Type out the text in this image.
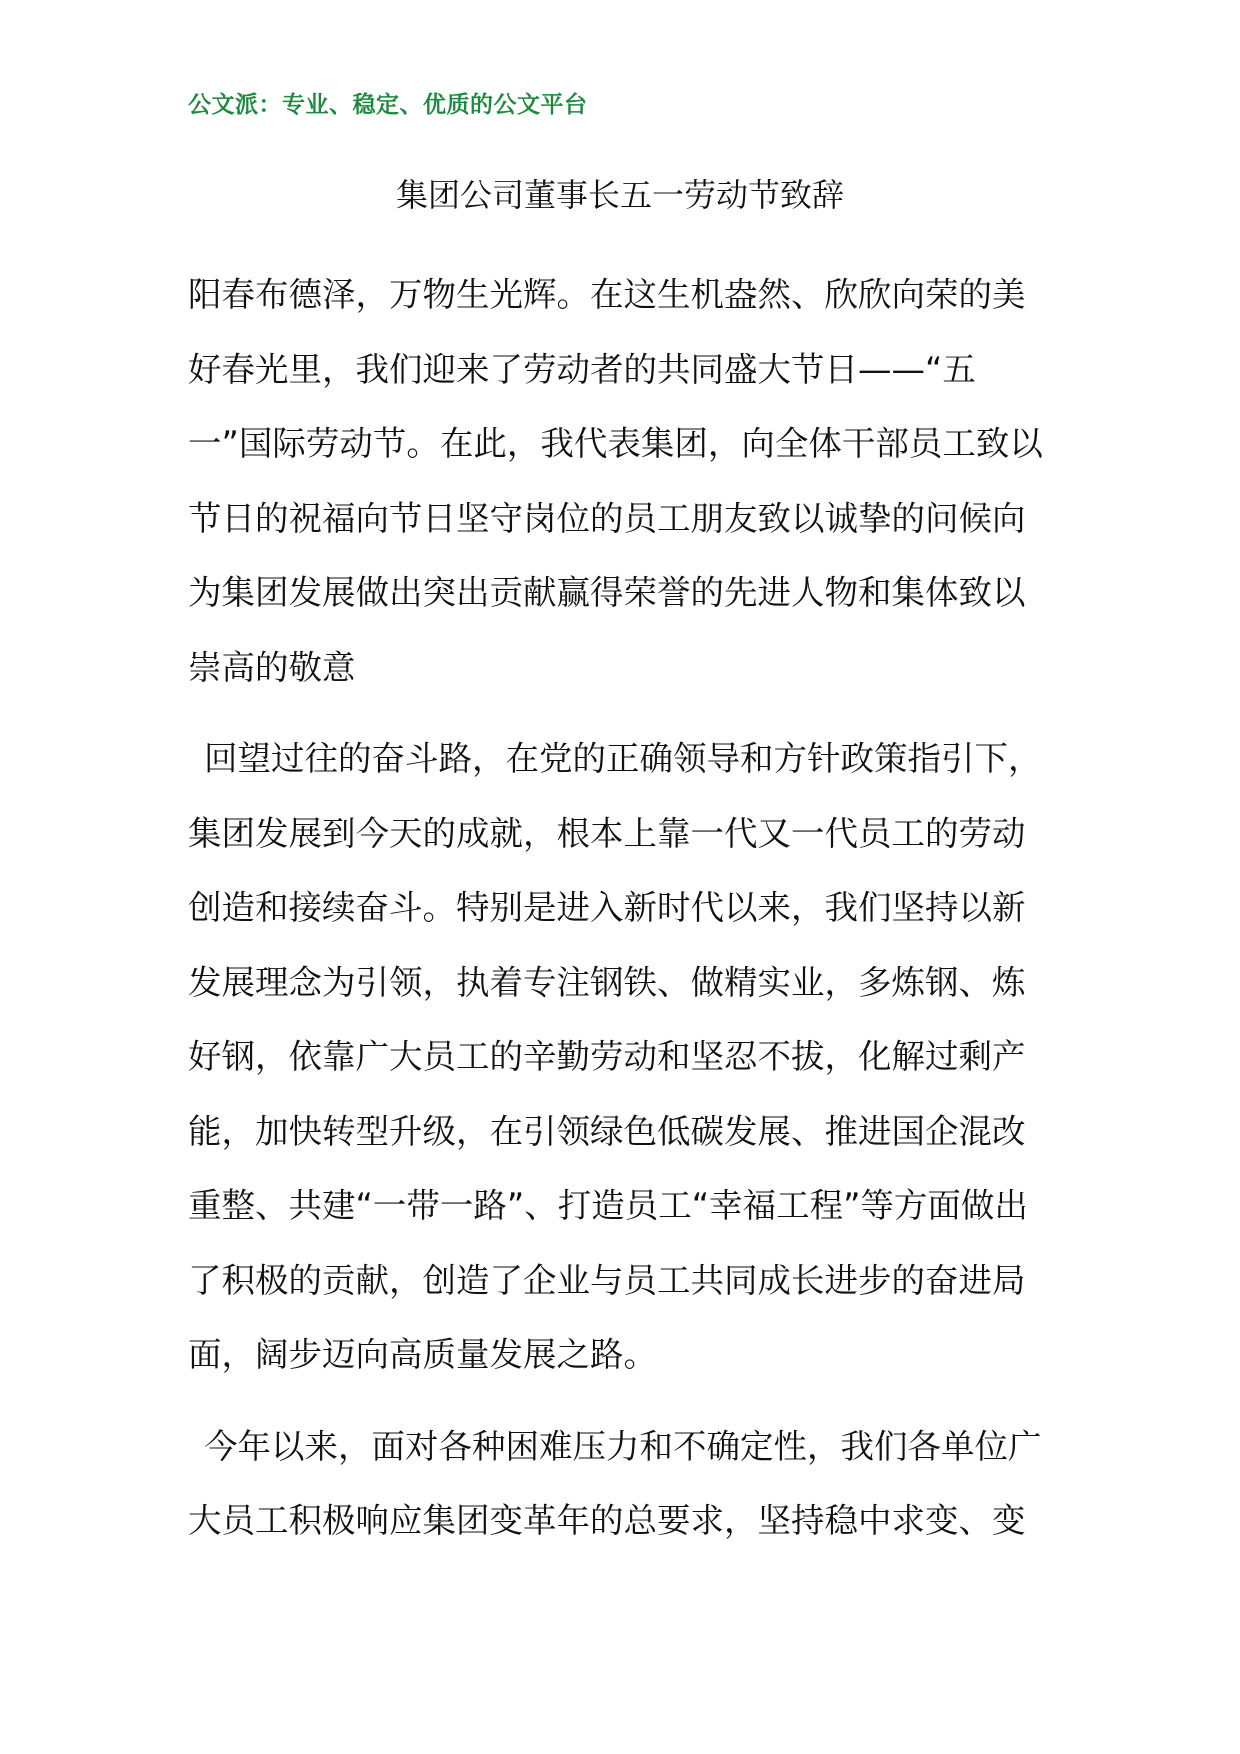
公文派：专业、稳定、优质的公文平台
集团公司董事长五一劳动节致辞

阳春布德泽，万物生光辉。在这生机盎然、欣欣向荣的美好春光里，我们迎来了劳动者的共同盛大节日——“五一”国际劳动节。在此，我代表集团，向全体干部员工致以节日的祝福向节日坚守岗位的员工朋友致以诚挚的问候向为集团发展做出突出贡献赢得荣誉的先进人物和集体致以崇高的敬意

回望过往的奋斗路，在党的正确领导和方针政策指引下，集团发展到今天的成就，根本上靠一代又一代员工的劳动创造和接续奋斗。特别是进入新时代以来，我们坚持以新发展理念为引领，执着专注钢铁、做精实业，多炼钢、炼好钢，依靠广大员工的辛勤劳动和坚忍不拔，化解过剩产能，加快转型升级，在引领绿色低碳发展、推进国企混改重整、共建“一带一路”、打造员工“幸福工程”等方面做出了积极的贡献，创造了企业与员工共同成长进步的奋进局面，阔步迈向高质量发展之路。

今年以来，面对各种困难压力和不确定性，我们各单位广大员工积极响应集团变革年的总要求，坚持稳中求变、变
